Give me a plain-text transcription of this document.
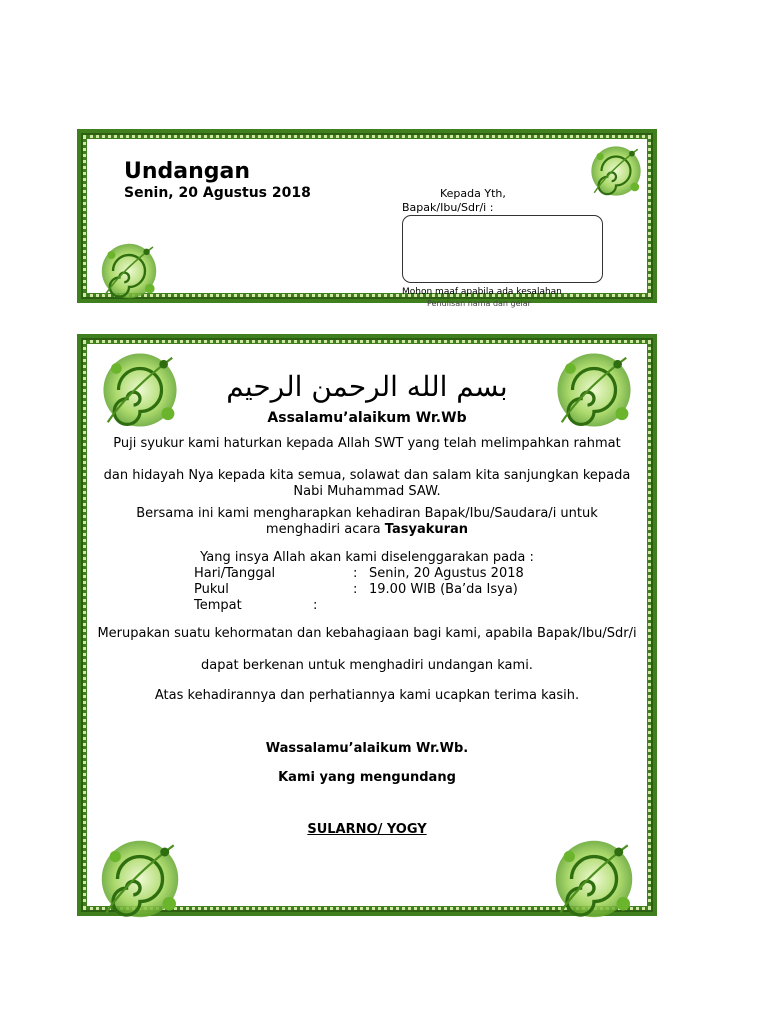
Undangan
Senin, 20 Agustus 2018	Kepada Yth,
Bapak/Ibu/Sdr/i :
Mohon maaf apabila ada kesalahan
Penulisan nama dan gelar
بسم الله الرحمن الرحيم
Assalamu’alaikum Wr.Wb
Puji syukur kami haturkan kepada Allah SWT yang telah melimpahkan rahmat
dan hidayah Nya kepada kita semua, solawat dan salam kita sanjungkan kepada Nabi Muhammad SAW.
Bersama ini kami mengharapkan kehadiran Bapak/Ibu/Saudara/i untuk
menghadiri acara Tasyakuran
Yang insya Allah akan kami diselenggarakan pada :
Hari/Tanggal	: Senin, 20 Agustus 2018
Pukul	: 19.00 WIB (Ba’da Isya)
Tempat	:
Merupakan suatu kehormatan dan kebahagiaan bagi kami, apabila Bapak/Ibu/Sdr/i
dapat berkenan untuk menghadiri undangan kami.
Atas kehadirannya dan perhatiannya kami ucapkan terima kasih.
Wassalamu’alaikum Wr.Wb.
Kami yang mengundang
SULARNO/ YOGY
